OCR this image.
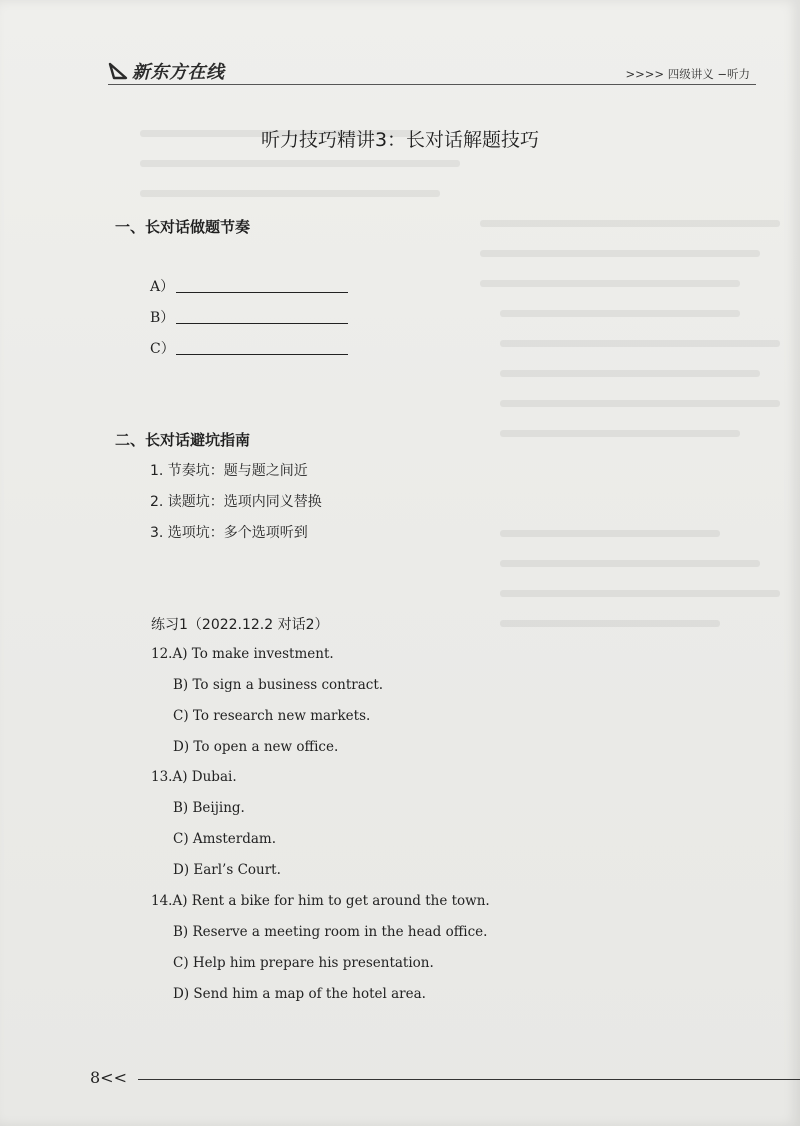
新东方在线	>>>> 四级讲义 −听力
听力技巧精讲3：长对话解题技巧
一、长对话做题节奏
A）
B）
C）
二、长对话避坑指南
1. 节奏坑：题与题之间近
2. 读题坑：选项内同义替换
3. 选项坑：多个选项听到
练习1（2022.12.2 对话2）
12.A) To make investment.
B) To sign a business contract.
C) To research new markets.
D) To open a new office.
13.A) Dubai.
B) Beijing.
C) Amsterdam.
D) Earl’s Court.
14.A) Rent a bike for him to get around the town.
B) Reserve a meeting room in the head office.
C) Help him prepare his presentation.
D) Send him a map of the hotel area.
8<<
